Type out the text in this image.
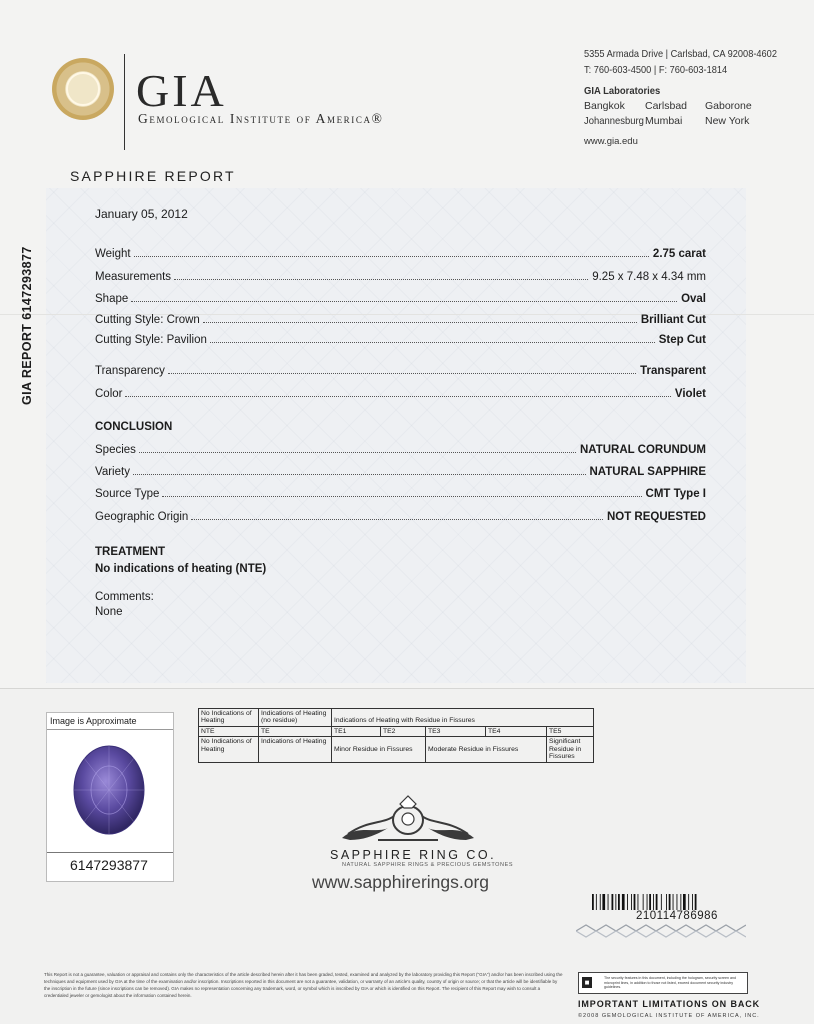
GIA
Gemological Institute of America®
5355 Armada Drive | Carlsbad, CA 92008-4602
T: 760-603-4500 | F: 760-603-1814
GIA Laboratories
Bangkok Carlsbad Gaborone
Johannesburg Mumbai New York
www.gia.edu
SAPPHIRE REPORT
January 05, 2012
GIA REPORT 6147293877	Weight	2.75 carat
Measurements	9.25 x 7.48 x 4.34 mm
Shape	Oval
Cutting Style: Crown	Brilliant Cut
Cutting Style: Pavilion	Step Cut
Transparency	Transparent
Color	Violet
CONCLUSION
Species	NATURAL CORUNDUM
Variety	NATURAL SAPPHIRE
Source Type	CMT Type I
Geographic Origin	NOT REQUESTED
TREATMENT
No indications of heating (NTE)
Comments:
None
Image is Approximate
6147293877
No Indications of Heating	Indications of Heating (no residue)	Indications of Heating with Residue in Fissures				
NTE	TE	TE1	TE2	TE3	TE4	TE5
No Indications of Heating	Indications of Heating	Minor Residue in Fissures		Moderate Residue in Fissures		Significant Residue in Fissures
SAPPHIRE RING CO.
NATURAL SAPPHIRE RINGS & PRECIOUS GEMSTONES
www.sapphirerings.org
210114786986
This Report is not a guarantee, valuation or appraisal and contains only the characteristics of the article described herein after it has been graded, tested, examined and analyzed by the laboratory providing this Report ("GIA") and/or has been inscribed using the techniques and equipment used by GIA at the time of the examination and/or inscription. Inscriptions reported in this document are not a guarantee, validation, or warranty of an article's quality, country of origin or source; or that the article will be identifiable by the inscription in the future (since inscriptions can be removed). GIA makes no representation concerning any trademark, word, or symbol which is inscribed by GIA or which is identified on this Report. The recipient of this Report may wish to consult a credentialed jeweler or gemologist about the information contained herein.
■	The security features in this document, including the hologram, security screen and microprint lines, in addition to those not listed, exceed document security industry guidelines.
IMPORTANT LIMITATIONS ON BACK
©2008 GEMOLOGICAL INSTITUTE OF AMERICA, INC.
